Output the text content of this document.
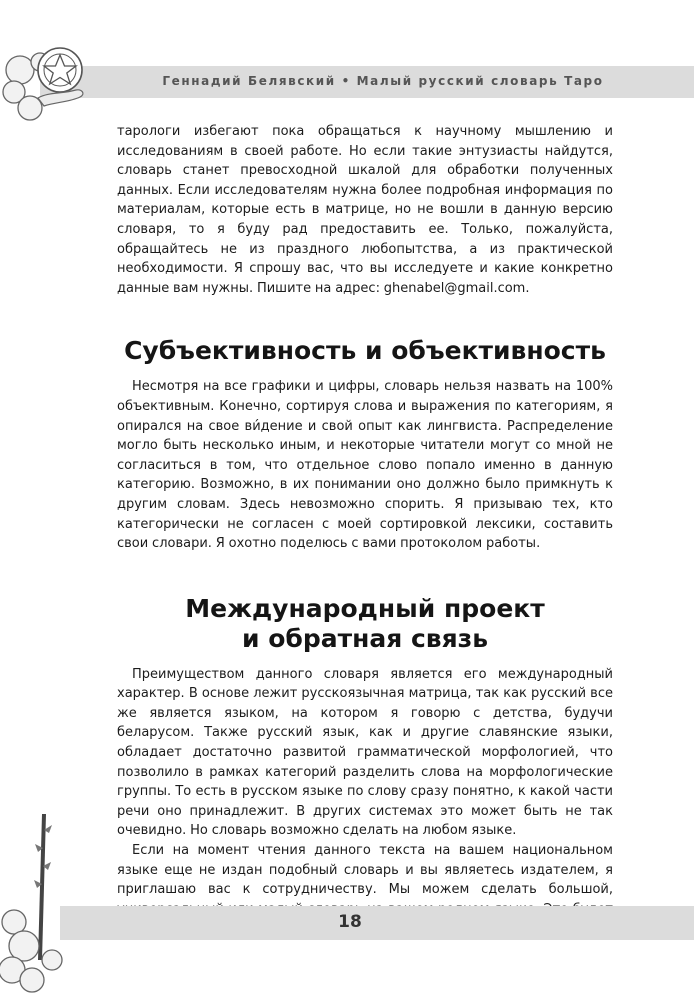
Геннадий Белявский • Малый русский словарь Таро

тарологи избегают пока обращаться к научному мышлению и исследованиям в своей работе. Но если такие энтузиасты найдутся, словарь станет превосходной шкалой для обработки полученных данных. Если исследователям нужна более подробная информация по материалам, которые есть в матрице, но не вошли в данную версию словаря, то я буду рад предоставить ее. Только, пожалуйста, обращайтесь не из праздного любопытства, а из практической необходимости. Я спрошу вас, что вы исследуете и какие конкретно данные вам нужны. Пишите на адрес: ghenabel@gmail.com.

Субъективность и объективность

Несмотря на все графики и цифры, словарь нельзя назвать на 100% объективным. Конечно, сортируя слова и выражения по категориям, я опирался на свое ви́дение и свой опыт как лингвиста. Распределение могло быть несколько иным, и некоторые читатели могут со мной не согласиться в том, что отдельное слово попало именно в данную категорию. Возможно, в их понимании оно должно было примкнуть к другим словам. Здесь невозможно спорить. Я призываю тех, кто категорически не согласен с моей сортировкой лексики, составить свои словари. Я охотно поделюсь с вами протоколом работы.

Международный проект
и обратная связь

Преимуществом данного словаря является его международный характер. В основе лежит русскоязычная матрица, так как русский все же является языком, на котором я говорю с детства, будучи беларусом. Также русский язык, как и другие славянские языки, обладает достаточно развитой грамматической морфологией, что позволило в рамках категорий разделить слова на морфологические группы. То есть в русском языке по слову сразу понятно, к какой части речи оно принадлежит. В других системах это может быть не так очевидно. Но словарь возможно сделать на любом языке.

Если на момент чтения данного текста на вашем национальном языке еще не издан подобный словарь и вы являетесь издателем, я приглашаю вас к сотрудничеству. Мы можем сделать большой,

18
